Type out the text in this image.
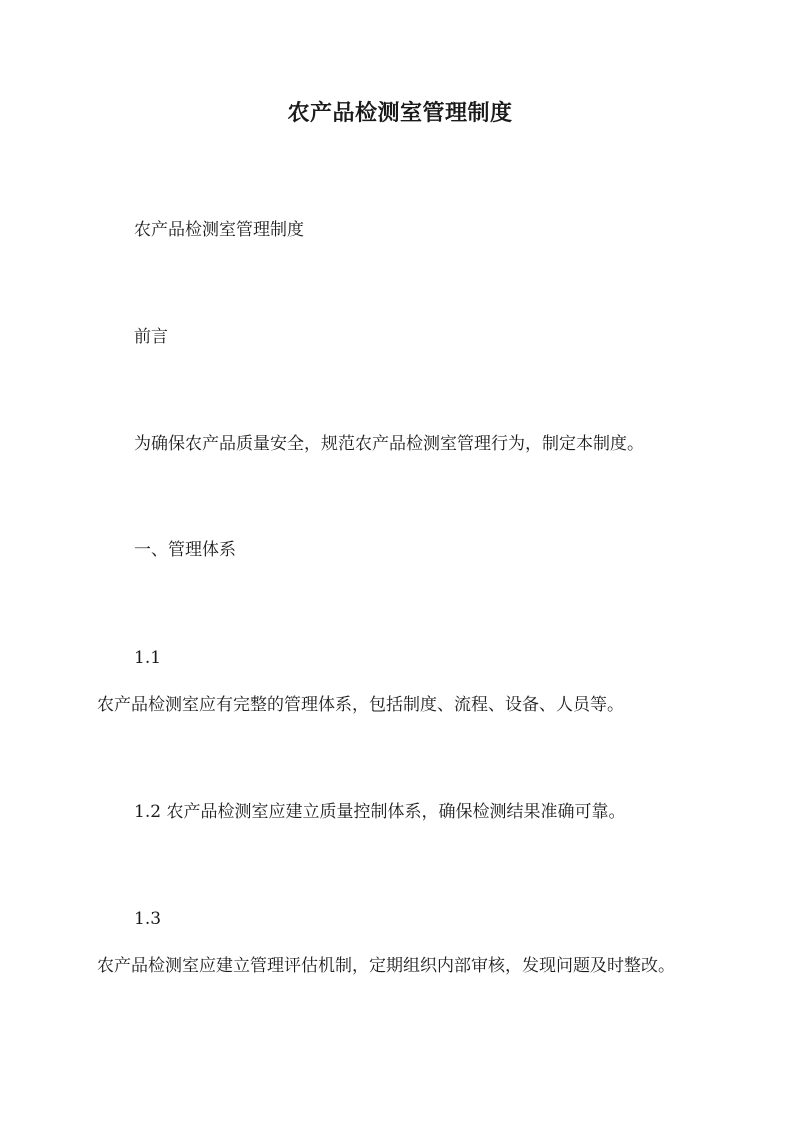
农产品检测室管理制度
农产品检测室管理制度
前言
为确保农产品质量安全，规范农产品检测室管理行为，制定本制度。
一、管理体系
1.1
农产品检测室应有完整的管理体系，包括制度、流程、设备、人员等。
1.2 农产品检测室应建立质量控制体系，确保检测结果准确可靠。
1.3
农产品检测室应建立管理评估机制，定期组织内部审核，发现问题及时整改。
